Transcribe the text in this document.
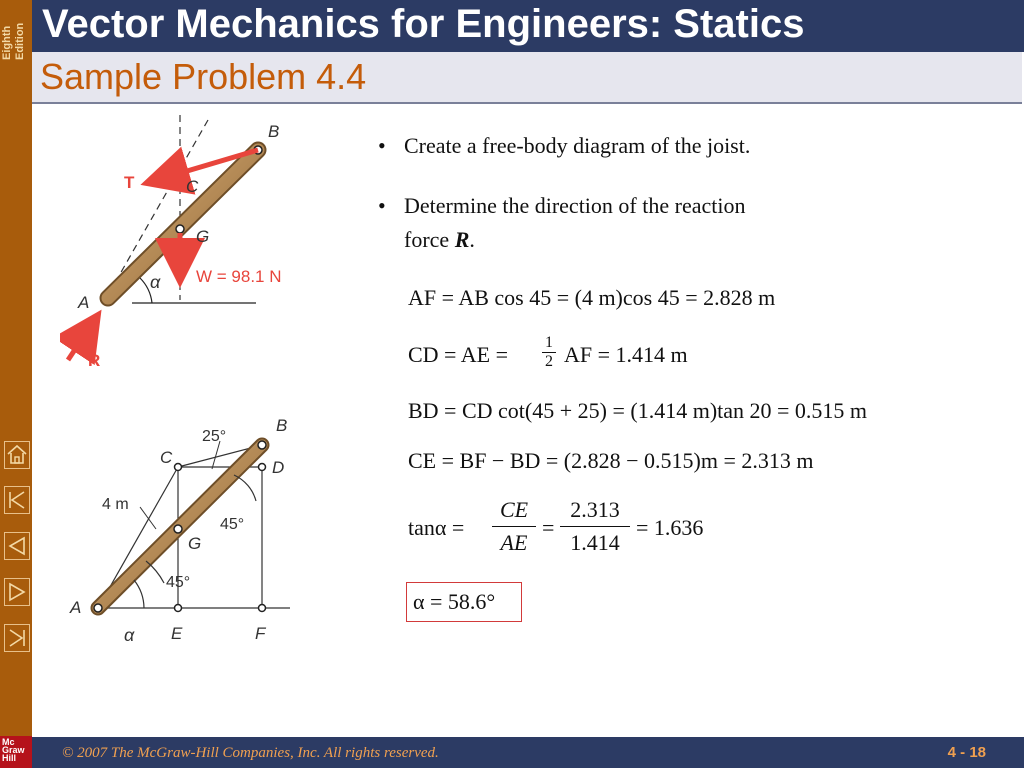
Eighth Edition
Mc
Graw
Hill
Vector Mechanics for Engineers: Statics
Sample Problem 4.4
B
C
G
A
T
R
α W = 98.1 N
B
C
D
G
A
E	F
α
25°
45°
45°
4 m
• Create a free-body diagram of the joist.
• Determine the direction of the reaction
force R.
AF = AB cos 45 = (4 m)cos 45 = 2.828 m
CD = AE = $\frac{1}{2}$ AF = 1.414 m
BD = CD cot(45 + 25) = (1.414 m)tan 20 = 0.515 m
CE = BF − BD = (2.828 − 0.515)m = 2.313 m
$\tan\alpha = \frac{CE}{AE} = \frac{2.313}{1.414} = 1.636$
α = 58.6°
© 2007 The McGraw-Hill Companies, Inc. All rights reserved.	4 - 18
